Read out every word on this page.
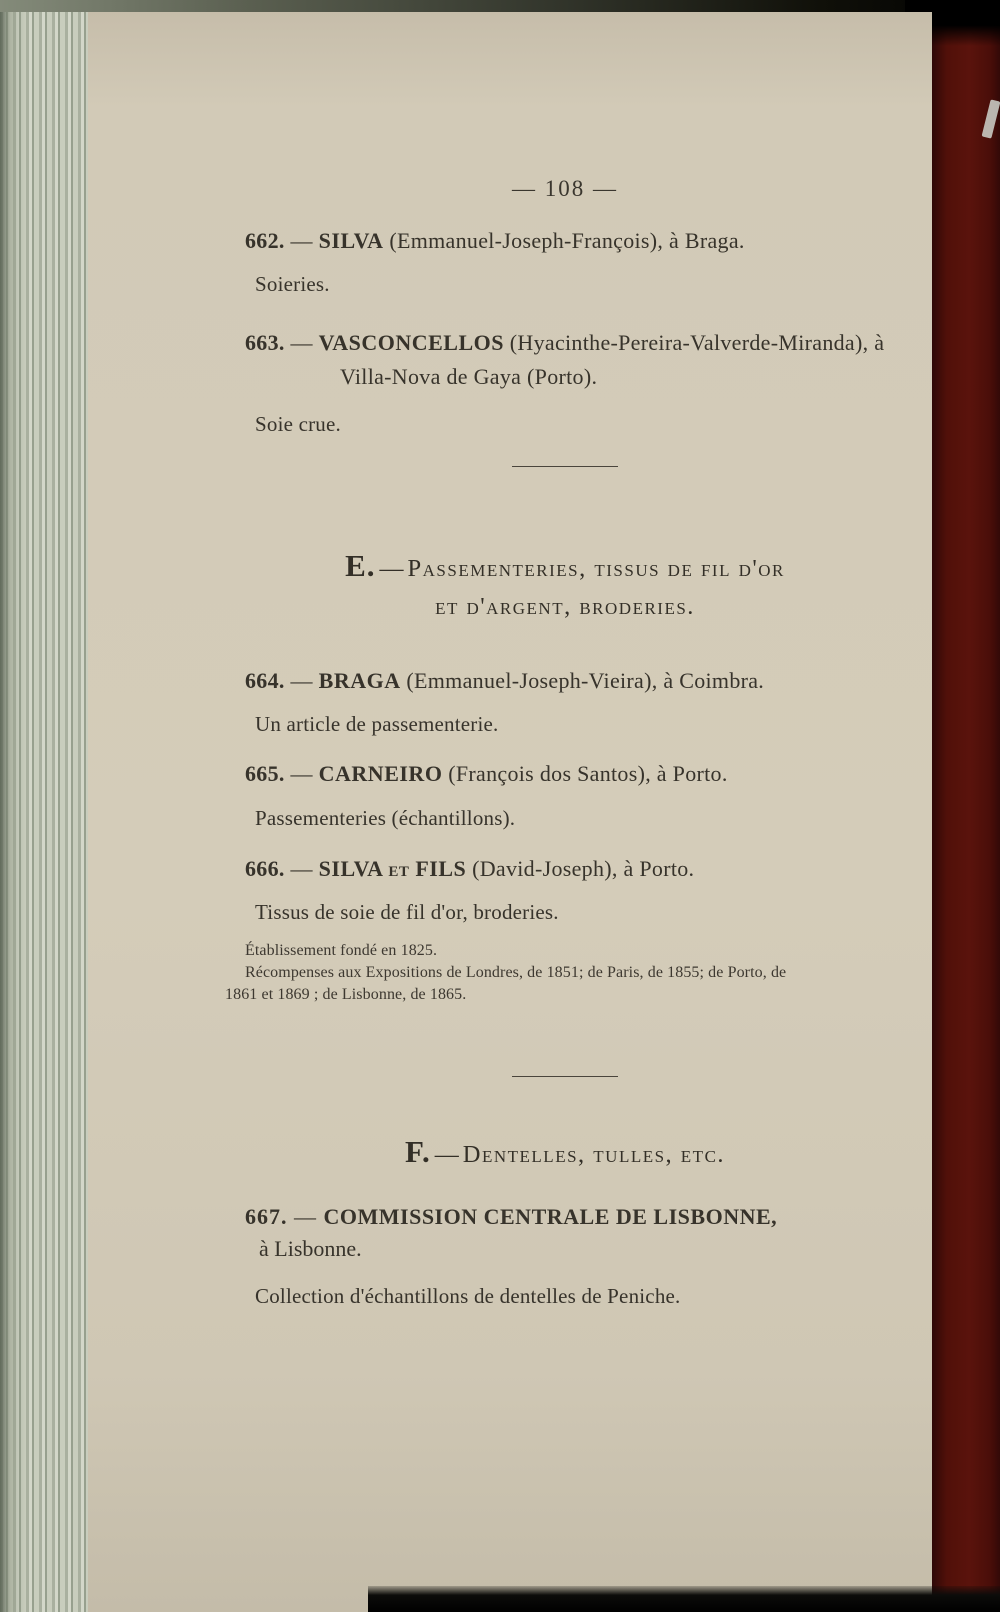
— 108 —

662. — SILVA (Emmanuel-Joseph-François), à Braga.

Soieries.

663. — VASCONCELLOS (Hyacinthe-Pereira-Valverde-Miranda), à Villa-Nova de Gaya (Porto).

Soie crue.

E. — Passementeries, tissus de fil d'or
et d'argent, broderies.

664. — BRAGA (Emmanuel-Joseph-Vieira), à Coimbra.

Un article de passementerie.

665. — CARNEIRO (François dos Santos), à Porto.

Passementeries (échantillons).

666. — SILVA et FILS (David-Joseph), à Porto.

Tissus de soie de fil d'or, broderies.

Établissement fondé en 1825.

Récompenses aux Expositions de Londres, de 1851; de Paris, de 1855; de Porto, de 1861 et 1869 ; de Lisbonne, de 1865.

F. — Dentelles, tulles, etc.

667. — COMMISSION CENTRALE DE LISBONNE,

à Lisbonne.

Collection d'échantillons de dentelles de Peniche.
